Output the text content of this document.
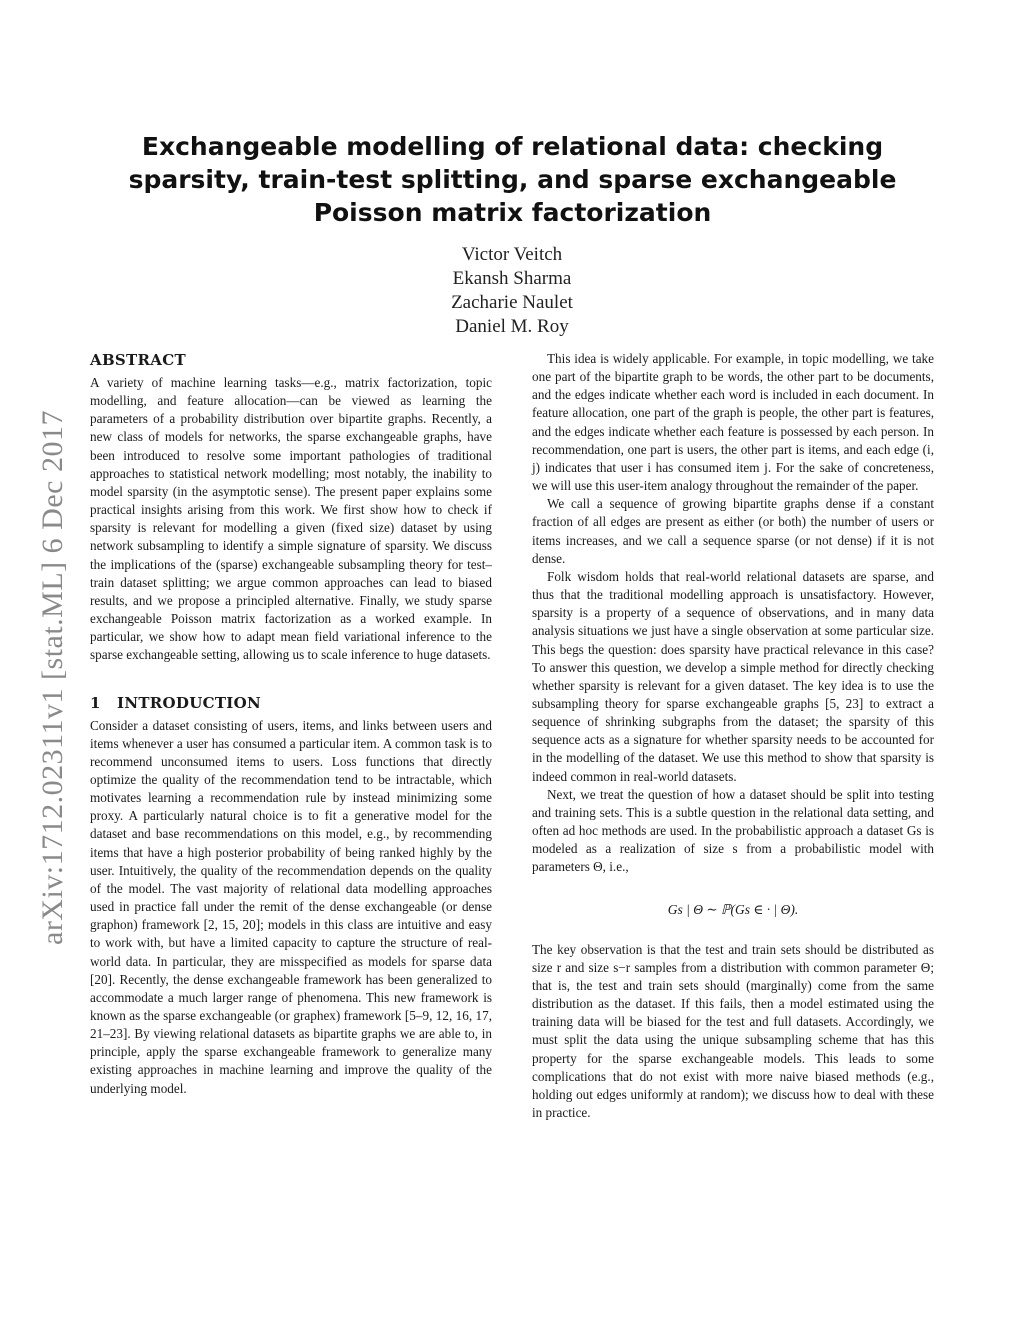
arXiv:1712.02311v1 [stat.ML] 6 Dec 2017
Exchangeable modelling of relational data: checking sparsity, train-test splitting, and sparse exchangeable Poisson matrix factorization
Victor Veitch
Ekansh Sharma
Zacharie Naulet
Daniel M. Roy
ABSTRACT

A variety of machine learning tasks—e.g., matrix factorization, topic modelling, and feature allocation—can be viewed as learning the parameters of a probability distribution over bipartite graphs. Recently, a new class of models for networks, the sparse exchangeable graphs, have been introduced to resolve some important pathologies of traditional approaches to statistical network modelling; most notably, the inability to model sparsity (in the asymptotic sense). The present paper explains some practical insights arising from this work. We first show how to check if sparsity is relevant for modelling a given (fixed size) dataset by using network subsampling to identify a simple signature of sparsity. We discuss the implications of the (sparse) exchangeable subsampling theory for test–train dataset splitting; we argue common approaches can lead to biased results, and we propose a principled alternative. Finally, we study sparse exchangeable Poisson matrix factorization as a worked example. In particular, we show how to adapt mean field variational inference to the sparse exchangeable setting, allowing us to scale inference to huge datasets.

1 INTRODUCTION

Consider a dataset consisting of users, items, and links between users and items whenever a user has consumed a particular item. A common task is to recommend unconsumed items to users. Loss functions that directly optimize the quality of the recommendation tend to be intractable, which motivates learning a recommendation rule by instead minimizing some proxy. A particularly natural choice is to fit a generative model for the dataset and base recommendations on this model, e.g., by recommending items that have a high posterior probability of being ranked highly by the user. Intuitively, the quality of the recommendation depends on the quality of the model. The vast majority of relational data modelling approaches used in practice fall under the remit of the dense exchangeable (or dense graphon) framework [2, 15, 20]; models in this class are intuitive and easy to work with, but have a limited capacity to capture the structure of real-world data. In particular, they are misspecified as models for sparse data [20]. Recently, the dense exchangeable framework has been generalized to accommodate a much larger range of phenomena. This new framework is known as the sparse exchangeable (or graphex) framework [5–9, 12, 16, 17, 21–23]. By viewing relational datasets as bipartite graphs we are able to, in principle, apply the sparse exchangeable framework to generalize many existing approaches in machine learning and improve the quality of the underlying model.

This idea is widely applicable. For example, in topic modelling, we take one part of the bipartite graph to be words, the other part to be documents, and the edges indicate whether each word is included in each document. In feature allocation, one part of the graph is people, the other part is features, and the edges indicate whether each feature is possessed by each person. In recommendation, one part is users, the other part is items, and each edge (i, j) indicates that user i has consumed item j. For the sake of concreteness, we will use this user-item analogy throughout the remainder of the paper.

We call a sequence of growing bipartite graphs dense if a constant fraction of all edges are present as either (or both) the number of users or items increases, and we call a sequence sparse (or not dense) if it is not dense.

Folk wisdom holds that real-world relational datasets are sparse, and thus that the traditional modelling approach is unsatisfactory. However, sparsity is a property of a sequence of observations, and in many data analysis situations we just have a single observation at some particular size. This begs the question: does sparsity have practical relevance in this case? To answer this question, we develop a simple method for directly checking whether sparsity is relevant for a given dataset. The key idea is to use the subsampling theory for sparse exchangeable graphs [5, 23] to extract a sequence of shrinking subgraphs from the dataset; the sparsity of this sequence acts as a signature for whether sparsity needs to be accounted for in the modelling of the dataset. We use this method to show that sparsity is indeed common in real-world datasets.

Next, we treat the question of how a dataset should be split into testing and training sets. This is a subtle question in the relational data setting, and often ad hoc methods are used. In the probabilistic approach a dataset Gs is modeled as a realization of size s from a probabilistic model with parameters Θ, i.e.,

Gs | Θ ∼ ℙ(Gs ∈ · | Θ).

The key observation is that the test and train sets should be distributed as size r and size s−r samples from a distribution with common parameter Θ; that is, the test and train sets should (marginally) come from the same distribution as the dataset. If this fails, then a model estimated using the training data will be biased for the test and full datasets. Accordingly, we must split the data using the unique subsampling scheme that has this property for the sparse exchangeable models. This leads to some complications that do not exist with more naive biased methods (e.g., holding out edges uniformly at random); we discuss how to deal with these in practice.
